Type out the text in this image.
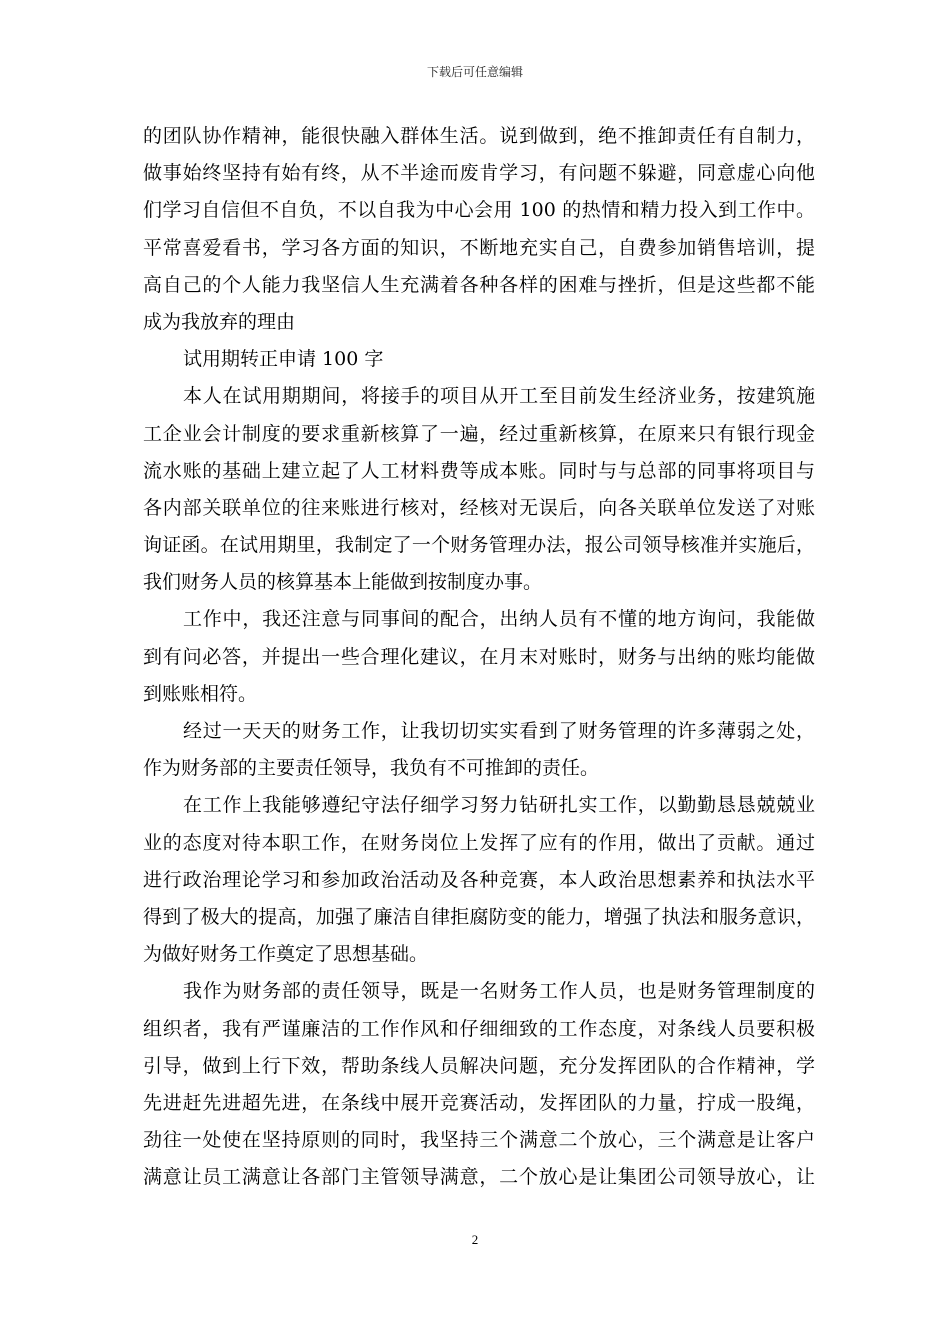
下载后可任意编辑
的团队协作精神，能很快融入群体生活。说到做到，绝不推卸责任有自制力，
做事始终坚持有始有终，从不半途而废肯学习，有问题不躲避，同意虚心向他
们学习自信但不自负，不以自我为中心会用 100 的热情和精力投入到工作中。
平常喜爱看书，学习各方面的知识，不断地充实自己，自费参加销售培训，提
高自己的个人能力我坚信人生充满着各种各样的困难与挫折，但是这些都不能
成为我放弃的理由
试用期转正申请 100 字
本人在试用期期间，将接手的项目从开工至目前发生经济业务，按建筑施
工企业会计制度的要求重新核算了一遍，经过重新核算，在原来只有银行现金
流水账的基础上建立起了人工材料费等成本账。同时与与总部的同事将项目与
各内部关联单位的往来账进行核对，经核对无误后，向各关联单位发送了对账
询证函。在试用期里，我制定了一个财务管理办法，报公司领导核准并实施后，
我们财务人员的核算基本上能做到按制度办事。
工作中，我还注意与同事间的配合，出纳人员有不懂的地方询问，我能做
到有问必答，并提出一些合理化建议，在月末对账时，财务与出纳的账均能做
到账账相符。
经过一天天的财务工作，让我切切实实看到了财务管理的许多薄弱之处，
作为财务部的主要责任领导，我负有不可推卸的责任。
在工作上我能够遵纪守法仔细学习努力钻研扎实工作，以勤勤恳恳兢兢业
业的态度对待本职工作，在财务岗位上发挥了应有的作用，做出了贡献。通过
进行政治理论学习和参加政治活动及各种竞赛，本人政治思想素养和执法水平
得到了极大的提高，加强了廉洁自律拒腐防变的能力，增强了执法和服务意识，
为做好财务工作奠定了思想基础。
我作为财务部的责任领导，既是一名财务工作人员，也是财务管理制度的
组织者，我有严谨廉洁的工作作风和仔细细致的工作态度，对条线人员要积极
引导，做到上行下效，帮助条线人员解决问题，充分发挥团队的合作精神，学
先进赶先进超先进，在条线中展开竞赛活动，发挥团队的力量，拧成一股绳，
劲往一处使在坚持原则的同时，我坚持三个满意二个放心，三个满意是让客户
满意让员工满意让各部门主管领导满意，二个放心是让集团公司领导放心，让
2
